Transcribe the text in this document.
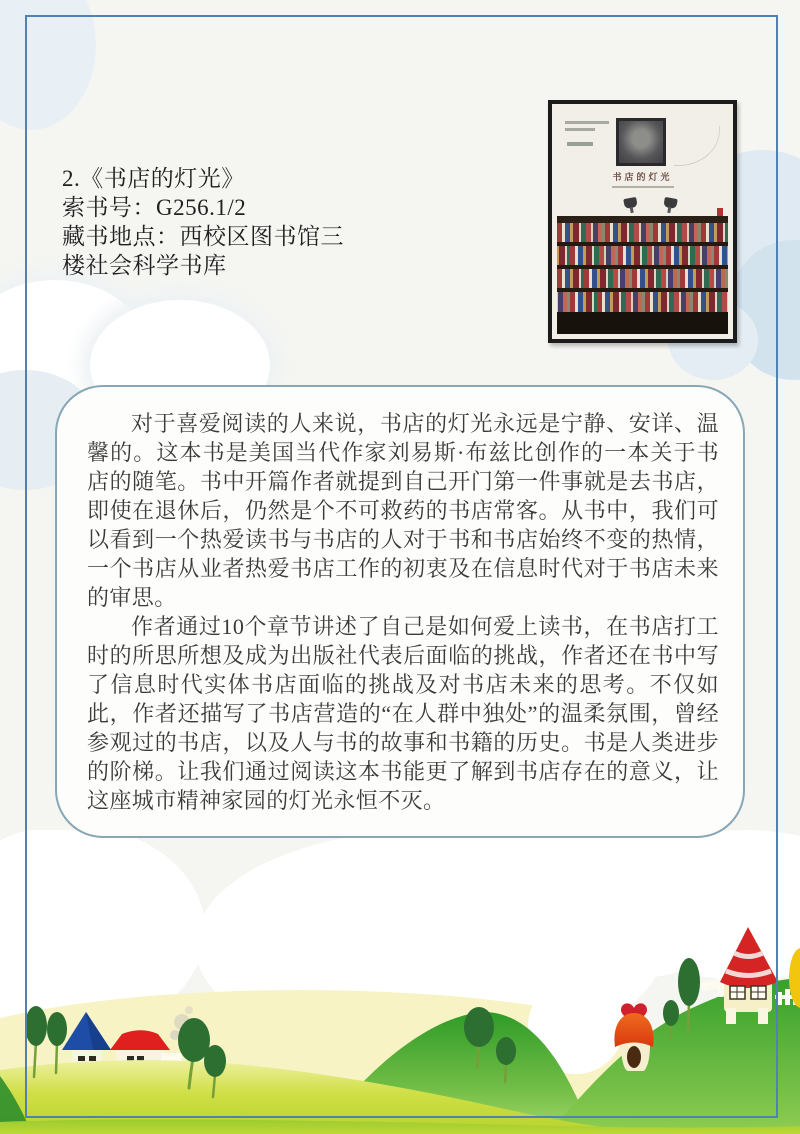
2.《书店的灯光》
索书号：G256.1/2
藏书地点：西校区图书馆三
楼社会科学书库
书店的灯光

对于喜爱阅读的人来说，书店的灯光永远是宁静、安详、温馨的。这本书是美国当代作家刘易斯·布兹比创作的一本关于书店的随笔。书中开篇作者就提到自己开门第一件事就是去书店，即使在退休后，仍然是个不可救药的书店常客。从书中，我们可以看到一个热爱读书与书店的人对于书和书店始终不变的热情，一个书店从业者热爱书店工作的初衷及在信息时代对于书店未来的审思。

作者通过10个章节讲述了自己是如何爱上读书，在书店打工时的所思所想及成为出版社代表后面临的挑战，作者还在书中写了信息时代实体书店面临的挑战及对书店未来的思考。不仅如此，作者还描写了书店营造的“在人群中独处”的温柔氛围，曾经参观过的书店，以及人与书的故事和书籍的历史。书是人类进步的阶梯。让我们通过阅读这本书能更了解到书店存在的意义，让这座城市精神家园的灯光永恒不灭。
